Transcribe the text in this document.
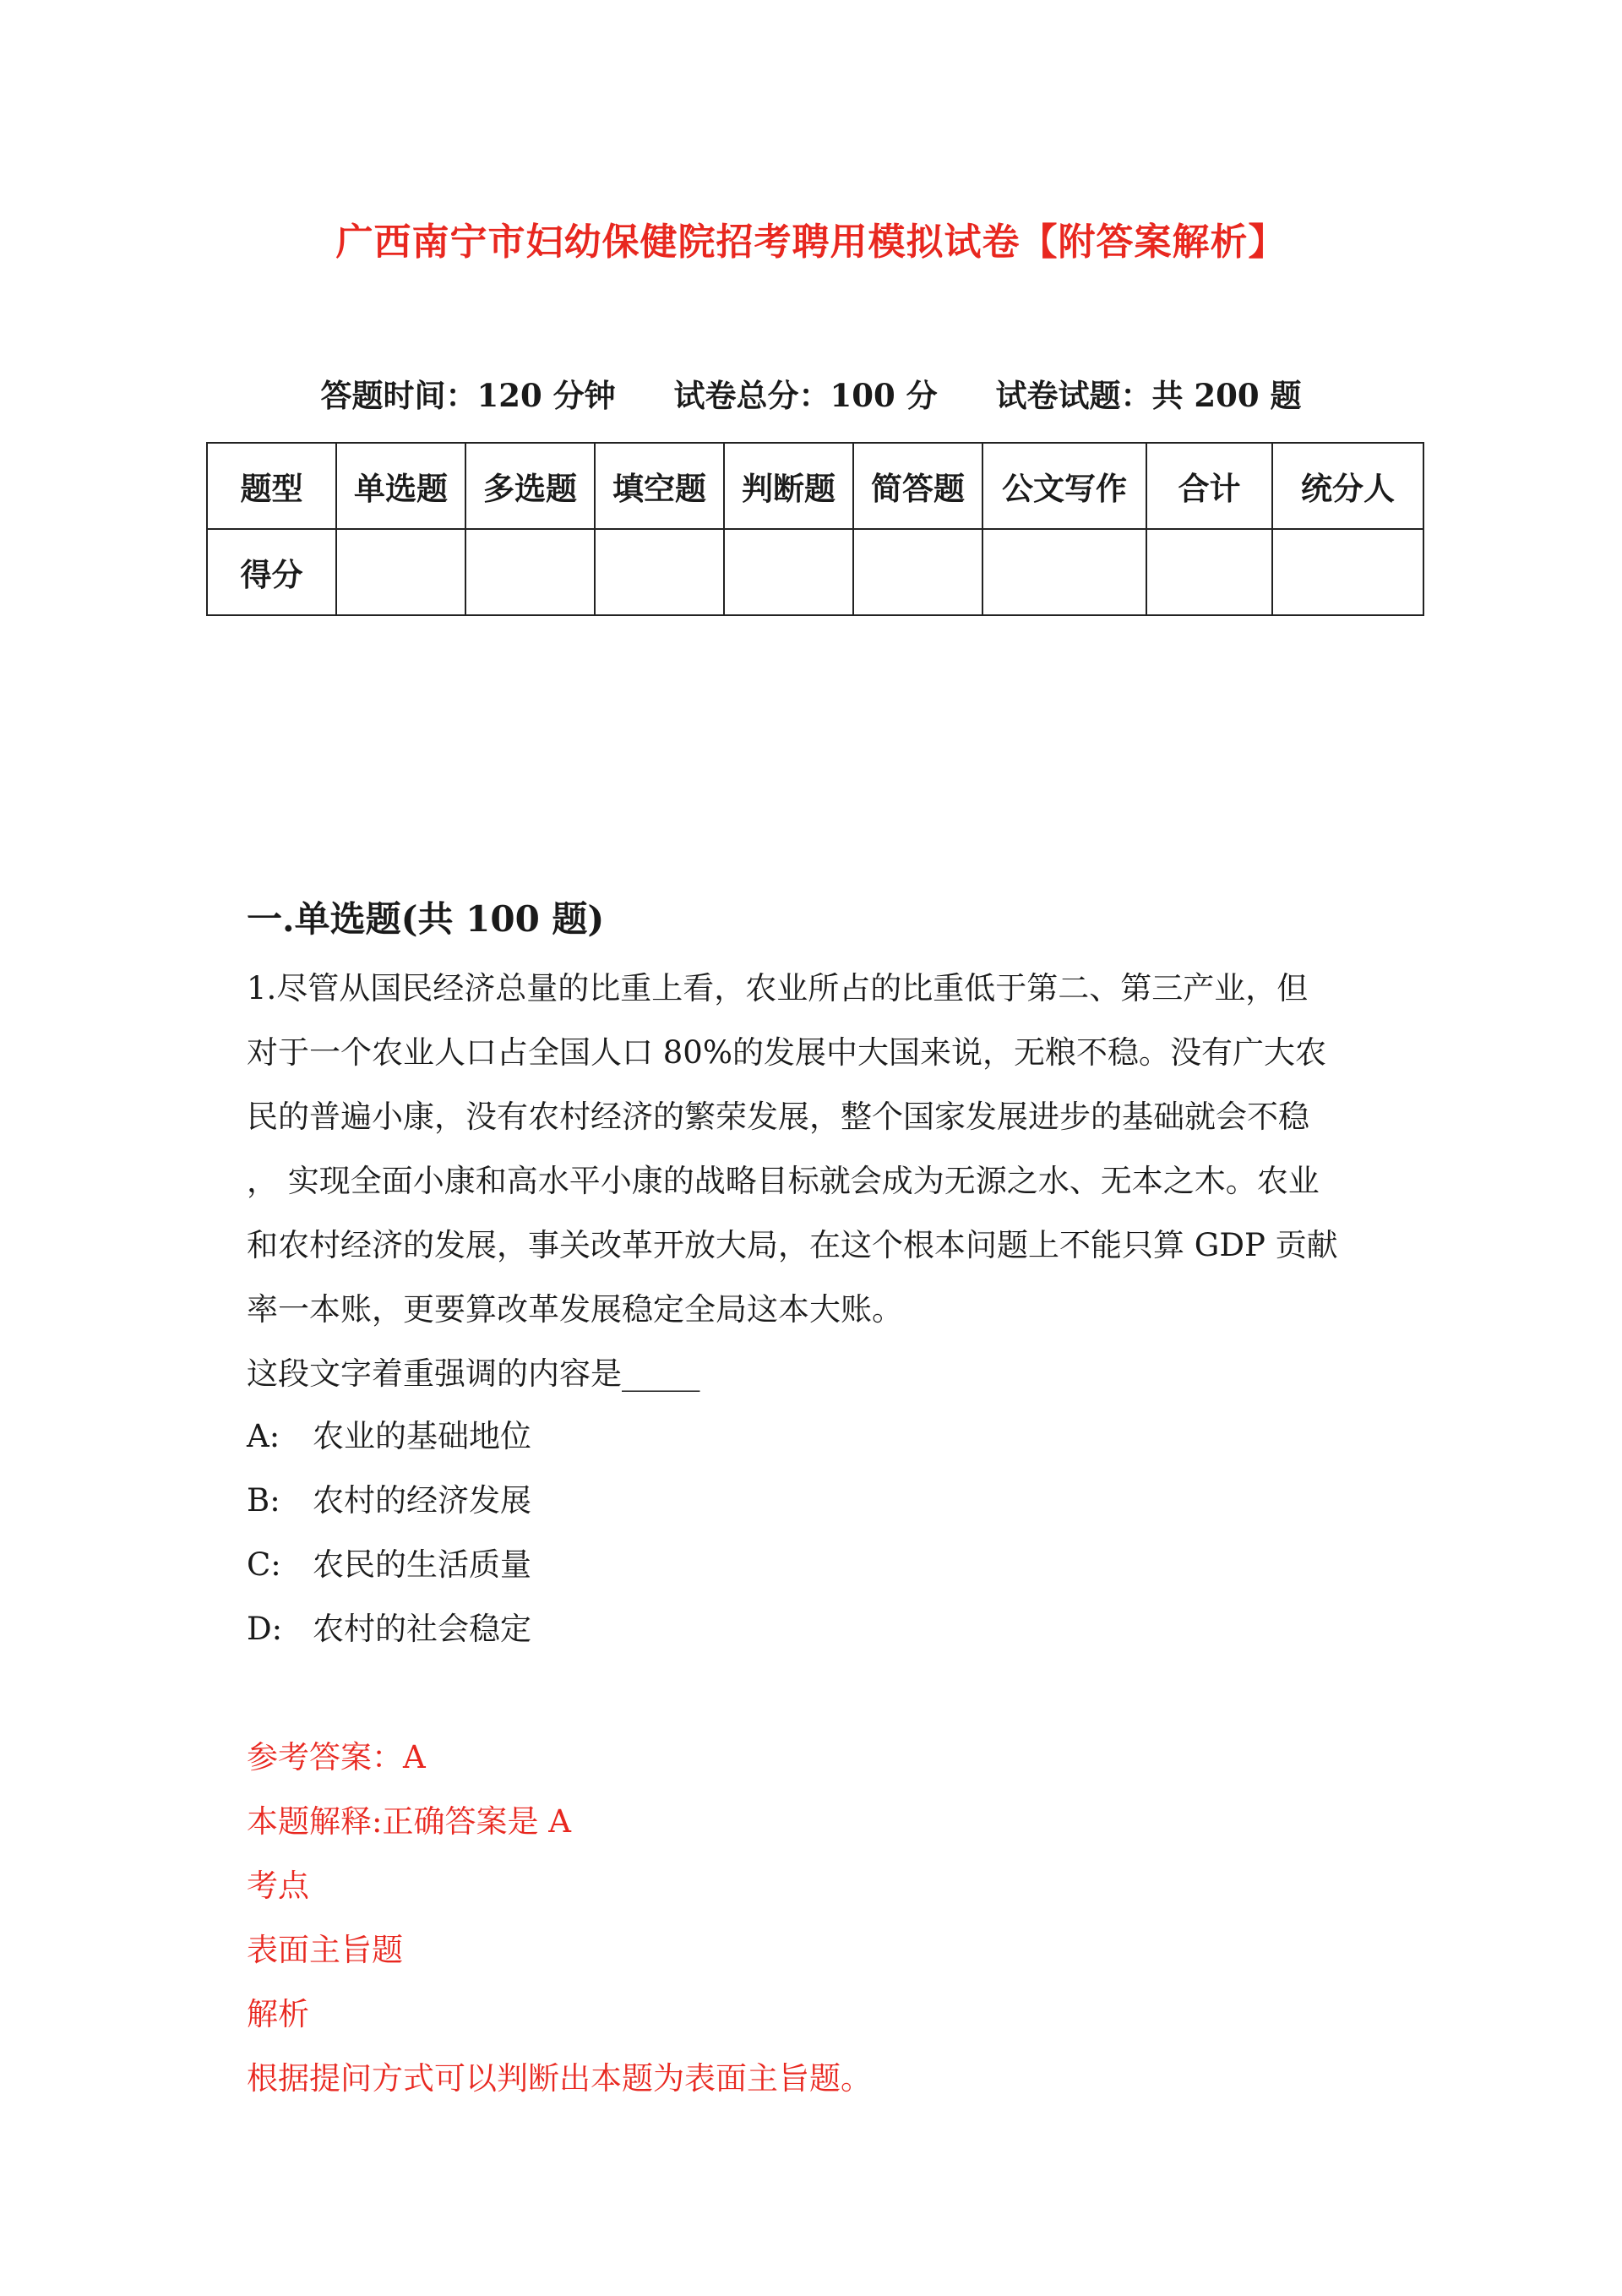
广西南宁市妇幼保健院招考聘用模拟试卷【附答案解析】
答题时间：120 分钟 试卷总分：100 分 试卷试题：共 200 题
题型	单选题	多选题	填空题	判断题	简答题	公文写作	合计	统分人
得分								
一.单选题(共 100 题)
1.尽管从国民经济总量的比重上看，农业所占的比重低于第二、第三产业，但
对于一个农业人口占全国人口 80%的发展中大国来说，无粮不稳。没有广大农
民的普遍小康，没有农村经济的繁荣发展，整个国家发展进步的基础就会不稳
， 实现全面小康和高水平小康的战略目标就会成为无源之水、无本之木。农业
和农村经济的发展，事关改革开放大局，在这个根本问题上不能只算 GDP 贡献
率一本账，更要算改革发展稳定全局这本大账。
这段文字着重强调的内容是_____
A: 农业的基础地位
B: 农村的经济发展
C: 农民的生活质量
D: 农村的社会稳定
参考答案：A
本题解释:正确答案是 A
考点
表面主旨题
解析
根据提问方式可以判断出本题为表面主旨题。
